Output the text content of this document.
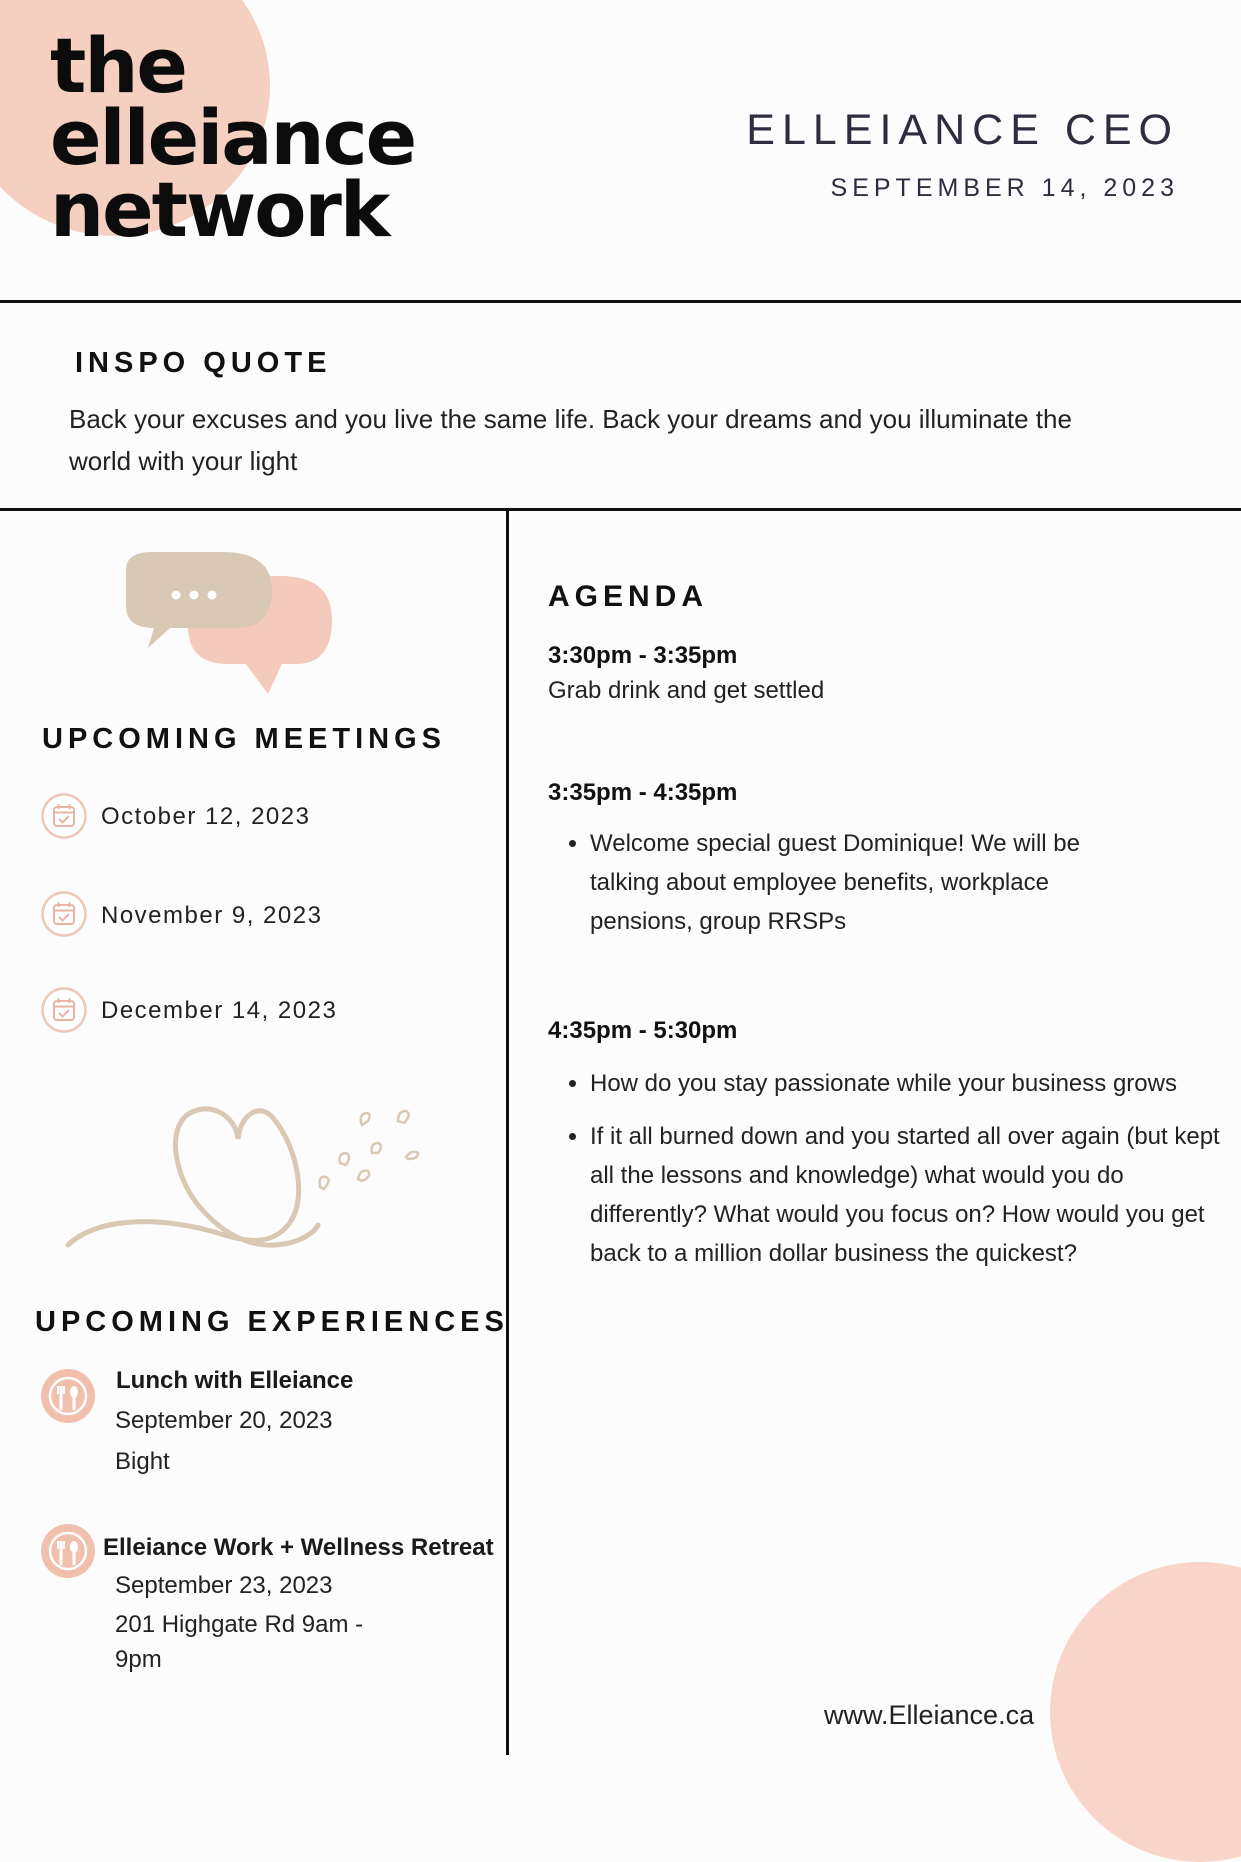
the
elleiance
network
ELLEIANCE CEO
SEPTEMBER 14, 2023
INSPO QUOTE
Back your excuses and you live the same life. Back your dreams and you illuminate the world with your light
UPCOMING MEETINGS
October 12, 2023
November 9, 2023
December 14, 2023
UPCOMING EXPERIENCES
Lunch with Elleiance
September 20, 2023
Bight
Elleiance Work + Wellness Retreat
September 23, 2023
201 Highgate Rd 9am -
9pm
AGENDA
3:30pm - 3:35pm
Grab drink and get settled
3:35pm - 4:35pm
• Welcome special guest Dominique! We will be talking about employee benefits, workplace pensions, group RRSPs
4:35pm - 5:30pm
• How do you stay passionate while your business grows
• If it all burned down and you started all over again (but kept all the lessons and knowledge) what would you do differently? What would you focus on? How would you get back to a million dollar business the quickest?
www.Elleiance.ca
